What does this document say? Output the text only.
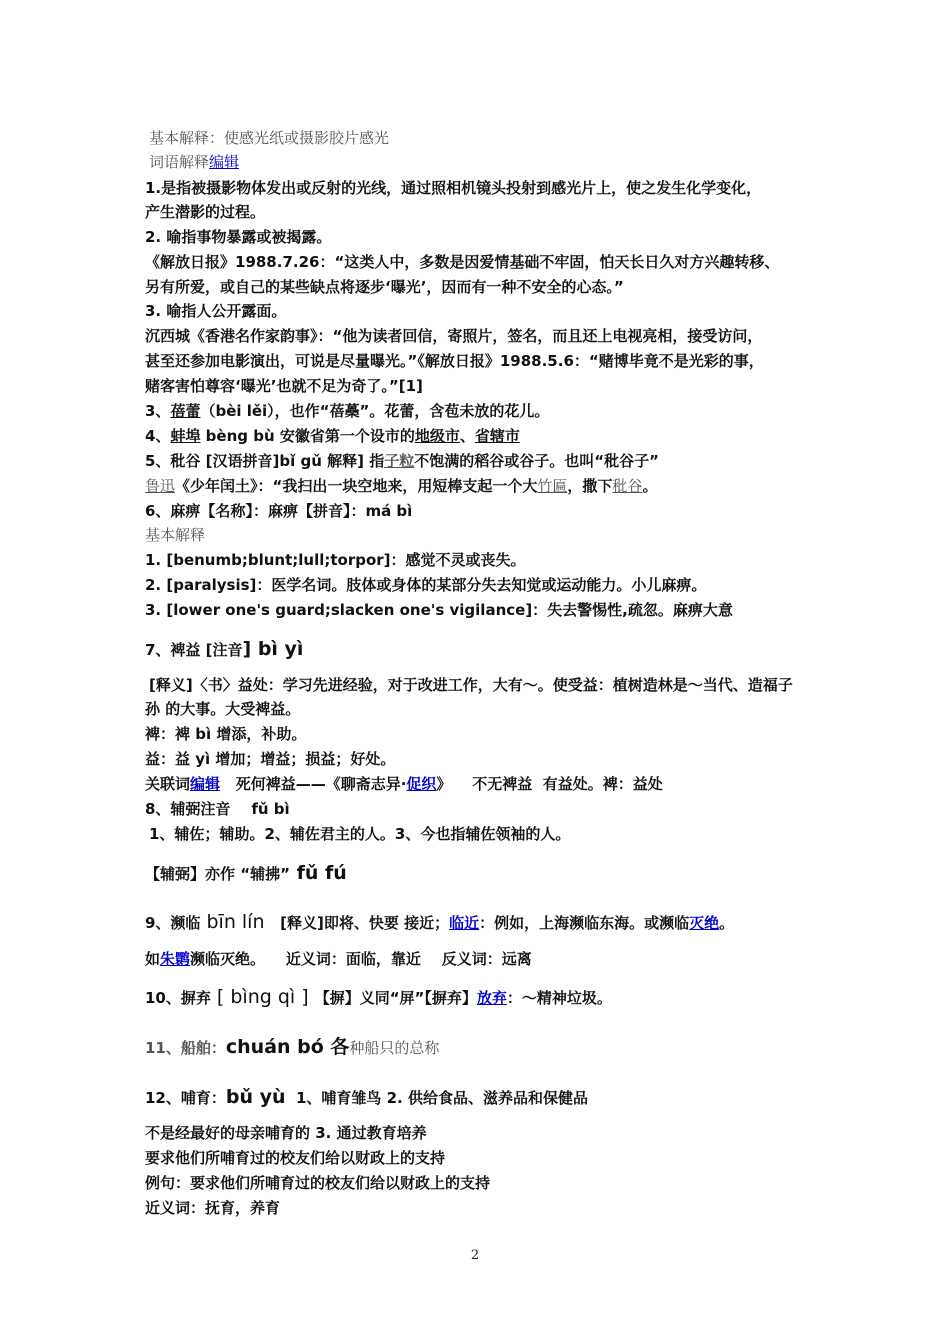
基本解释：使感光纸或摄影胶片感光
词语解释编辑
1.是指被摄影物体发出或反射的光线，通过照相机镜头投射到感光片上，使之发生化学变化，
产生潜影的过程。
2. 喻指事物暴露或被揭露。
《解放日报》1988.7.26：“这类人中，多数是因爱情基础不牢固，怕天长日久对方兴趣转移、
另有所爱，或自己的某些缺点将逐步‘曝光’，因而有一种不安全的心态。”
3. 喻指人公开露面。
沉西城《香港名作家韵事》：“他为读者回信，寄照片，签名，而且还上电视亮相，接受访问，
甚至还参加电影演出，可说是尽量曝光。”《解放日报》1988.5.6：“赌博毕竟不是光彩的事，
赌客害怕尊容‘曝光’也就不足为奇了。”[1]
3、蓓蕾（bèi lěi），也作“蓓蘽”。花蕾，含苞未放的花儿。
4、蚌埠 bèng bù 安徽省第一个设市的地级市、省辖市
5、秕谷 [汉语拼音]bǐ gǔ 解释] 指子粒不饱满的稻谷或谷子。也叫“秕谷子”
鲁迅《少年闰土》：“我扫出一块空地来，用短棒支起一个大竹匾，撒下秕谷。
6、麻痹【名称】：麻痹【拼音】：má bì
基本解释
1. [benumb;blunt;lull;torpor]：感觉不灵或丧失。
2. [paralysis]：医学名词。肢体或身体的某部分失去知觉或运动能力。小儿麻痹。
3. [lower one's guard;slacken one's vigilance]：失去警惕性,疏忽。麻痹大意
7、裨益 [注音] bì yì
[释义]〈书〉益处：学习先进经验，对于改进工作，大有～。使受益：植树造林是～当代、造福子
孙 的大事。大受裨益。
裨：裨 bì 增添，补助。
益：益 yì 增加；增益；损益；好处。
关联词编辑   死何裨益——《聊斋志异·促织》    不无裨益  有益处。裨：益处
8、辅弼注音    fǔ bì
1、辅佐；辅助。2、辅佐君主的人。3、今也指辅佐领袖的人。
【辅弼】亦作 “辅拂” fǔ fú
9、濒临 bīn lín   [释义]即将、快要 接近；临近：例如，上海濒临东海。或濒临灭绝。
如朱鹮濒临灭绝。    近义词：面临，靠近    反义词：远离
10、摒弃 [ bìng qì ] 【摒】义同“屏”【摒弃】放弃：～精神垃圾。
11、船舶：chuán bó 各种船只的总称
12、哺育：bǔ yù  1、哺育雏鸟 2. 供给食品、滋养品和保健品
不是经最好的母亲哺育的 3. 通过教育培养
要求他们所哺育过的校友们给以财政上的支持
例句：要求他们所哺育过的校友们给以财政上的支持
近义词：抚育，养育
2
